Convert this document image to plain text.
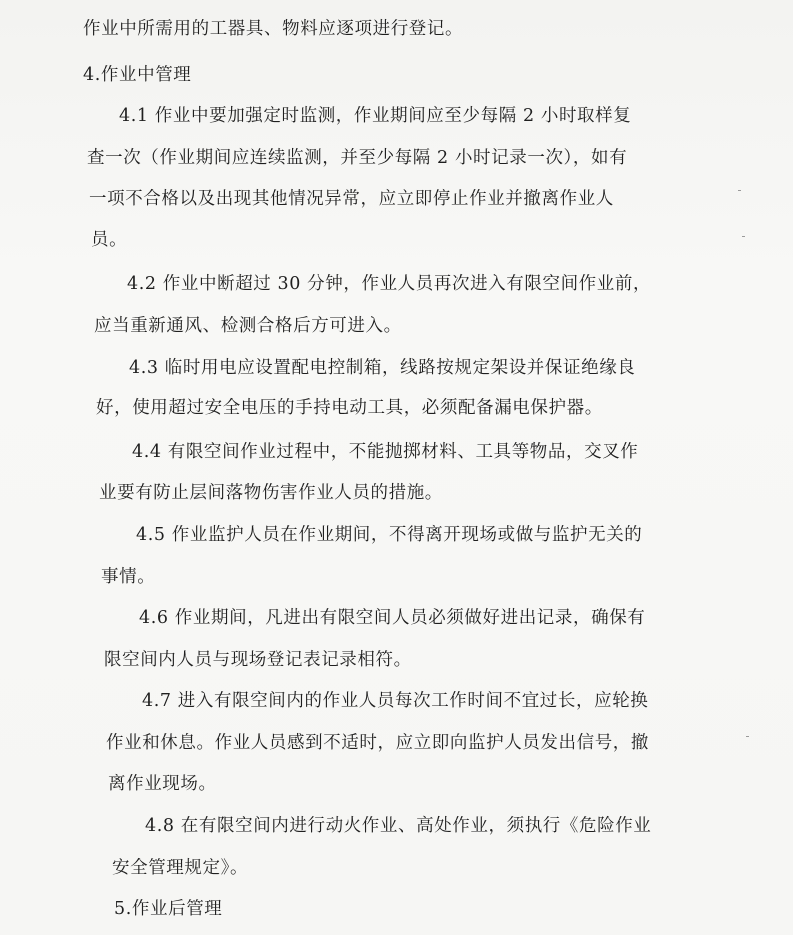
作业中所需用的工器具、物料应逐项进行登记。
4.作业中管理
4.1 作业中要加强定时监测，作业期间应至少每隔 2 小时取样复
查一次（作业期间应连续监测，并至少每隔 2 小时记录一次），如有
一项不合格以及出现其他情况异常，应立即停止作业并撤离作业人
员。
4.2 作业中断超过 30 分钟，作业人员再次进入有限空间作业前，
应当重新通风、检测合格后方可进入。
4.3 临时用电应设置配电控制箱，线路按规定架设并保证绝缘良
好，使用超过安全电压的手持电动工具，必须配备漏电保护器。
4.4 有限空间作业过程中，不能抛掷材料、工具等物品，交叉作
业要有防止层间落物伤害作业人员的措施。
4.5 作业监护人员在作业期间，不得离开现场或做与监护无关的
事情。
4.6 作业期间，凡进出有限空间人员必须做好进出记录，确保有
限空间内人员与现场登记表记录相符。
4.7 进入有限空间内的作业人员每次工作时间不宜过长，应轮换
作业和休息。作业人员感到不适时，应立即向监护人员发出信号，撤
离作业现场。
4.8 在有限空间内进行动火作业、高处作业，须执行《危险作业
安全管理规定》。
5.作业后管理
